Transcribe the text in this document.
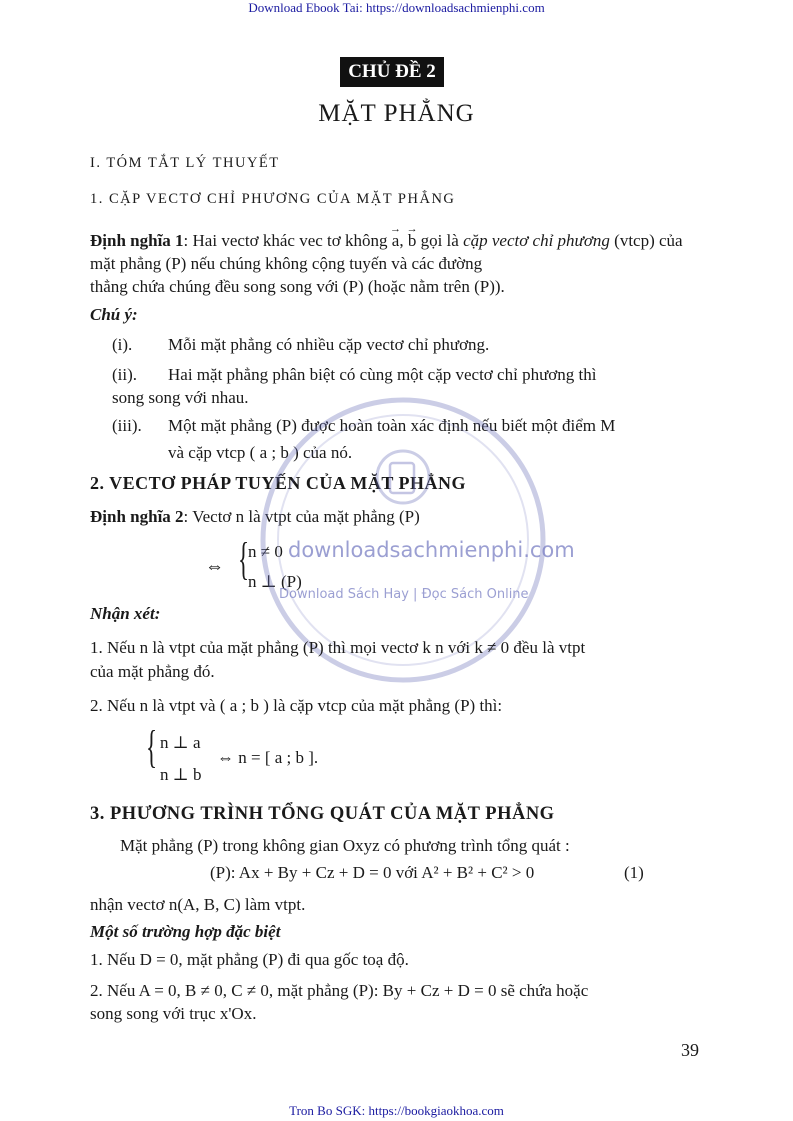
Download Ebook Tai: https://downloadsachmienphi.com
CHỦ ĐỀ 2
MẶT PHẲNG
I. TÓM TẮT LÝ THUYẾT
1. CẶP VECTƠ CHỈ PHƯƠNG CỦA MẶT PHẲNG
Định nghĩa 1: Hai vectơ khác vec tơ không → a, → b gọi là cặp vectơ chỉ phương (vtcp) của mặt phẳng (P) nếu chúng không cộng tuyến và các đường
thẳng chứa chúng đều song song với (P) (hoặc nằm trên (P)).
Chú ý:
(i). Mỗi mặt phẳng có nhiều cặp vectơ chỉ phương.
(ii). Hai mặt phẳng phân biệt có cùng một cặp vectơ chỉ phương thì
song song với nhau.
(iii). Một mặt phẳng (P) được hoàn toàn xác định nếu biết một điểm M
và cặp vtcp ( a ; b ) của nó.
2. VECTƠ PHÁP TUYẾN CỦA MẶT PHẲNG
Định nghĩa 2: Vectơ n là vtpt của mặt phẳng (P)
⇔ {
n ≠ 0
n ⊥ (P)
downloadsachmienphi.com
Download Sách Hay | Đọc Sách Online
Nhận xét:
1. Nếu n là vtpt của mặt phẳng (P) thì mọi vectơ k n với k ≠ 0 đều là vtpt
của mặt phẳng đó.
2. Nếu n là vtpt và ( a ; b ) là cặp vtcp của mặt phẳng (P) thì:
{ n ⊥ a
n ⊥ b
⇔ n = [ a ; b ].
3. PHƯƠNG TRÌNH TỔNG QUÁT CỦA MẶT PHẲNG
Mặt phẳng (P) trong không gian Oxyz có phương trình tổng quát :
(P): Ax + By + Cz + D = 0 với A² + B² + C² > 0	(1)
nhận vectơ n(A, B, C) làm vtpt.
Một số trường hợp đặc biệt
1. Nếu D = 0, mặt phẳng (P) đi qua gốc toạ độ.
2. Nếu A = 0, B ≠ 0, C ≠ 0, mặt phẳng (P): By + Cz + D = 0 sẽ chứa hoặc
song song với trục x'Ox.
39
Tron Bo SGK: https://bookgiaokhoa.com
